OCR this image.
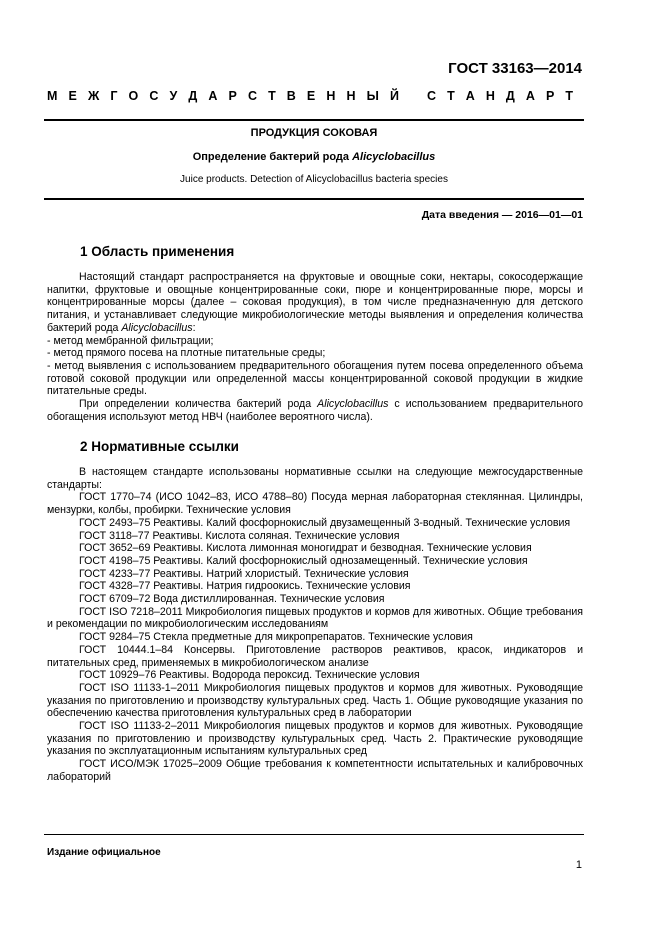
ГОСТ 33163—2014
М Е Ж Г О С У Д А Р С Т В Е Н Н Ы Й С Т А Н Д А Р Т
ПРОДУКЦИЯ СОКОВАЯ
Определение бактерий рода Alicyclobacillus
Juice products. Detection of Alicyclobacillus bacteria species
Дата введения — 2016—01—01
1 Область применения

Настоящий стандарт распространяется на фруктовые и овощные соки, нектары, сокосодержащие напитки, фруктовые и овощные концентрированные соки, пюре и концентрированные пюре, морсы и концентрированные морсы (далее – соковая продукция), в том числе предназначенную для детского питания, и устанавливает следующие микробиологические методы выявления и определения количества бактерий рода Alicyclobacillus:

- метод мембранной фильтрации;

- метод прямого посева на плотные питательные среды;

- метод выявления с использованием предварительного обогащения путем посева определенного объема готовой соковой продукции или определенной массы концентрированной соковой продукции в жидкие питательные среды.

При определении количества бактерий рода Alicyclobacillus с использованием предварительного обогащения используют метод НВЧ (наиболее вероятного числа).

2 Нормативные ссылки

В настоящем стандарте использованы нормативные ссылки на следующие межгосударственные стандарты:

ГОСТ 1770–74 (ИСО 1042–83, ИСО 4788–80) Посуда мерная лабораторная стеклянная. Цилиндры, мензурки, колбы, пробирки. Технические условия

ГОСТ 2493–75 Реактивы. Калий фосфорнокислый двузамещенный 3-водный. Технические условия

ГОСТ 3118–77 Реактивы. Кислота соляная. Технические условия

ГОСТ 3652–69 Реактивы. Кислота лимонная моногидрат и безводная. Технические условия

ГОСТ 4198–75 Реактивы. Калий фосфорнокислый однозамещенный. Технические условия

ГОСТ 4233–77 Реактивы. Натрий хлористый. Технические условия

ГОСТ 4328–77 Реактивы. Натрия гидроокись. Технические условия

ГОСТ 6709–72 Вода дистиллированная. Технические условия

ГОСТ ISO 7218–2011 Микробиология пищевых продуктов и кормов для животных. Общие требования и рекомендации по микробиологическим исследованиям

ГОСТ 9284–75 Стекла предметные для микропрепаратов. Технические условия

ГОСТ 10444.1–84 Консервы. Приготовление растворов реактивов, красок, индикаторов и питательных сред, применяемых в микробиологическом анализе

ГОСТ 10929–76 Реактивы. Водорода пероксид. Технические условия

ГОСТ ISO 11133-1–2011 Микробиология пищевых продуктов и кормов для животных. Руководящие указания по приготовлению и производству культуральных сред. Часть 1. Общие руководящие указания по обеспечению качества приготовления культуральных сред в лаборатории

ГОСТ ISO 11133-2–2011 Микробиология пищевых продуктов и кормов для животных. Руководящие указания по приготовлению и производству культуральных сред. Часть 2. Практические руководящие указания по эксплуатационным испытаниям культуральных сред

ГОСТ ИСО/МЭК 17025–2009 Общие требования к компетентности испытательных и калибровочных лабораторий

Издание официальное
1
